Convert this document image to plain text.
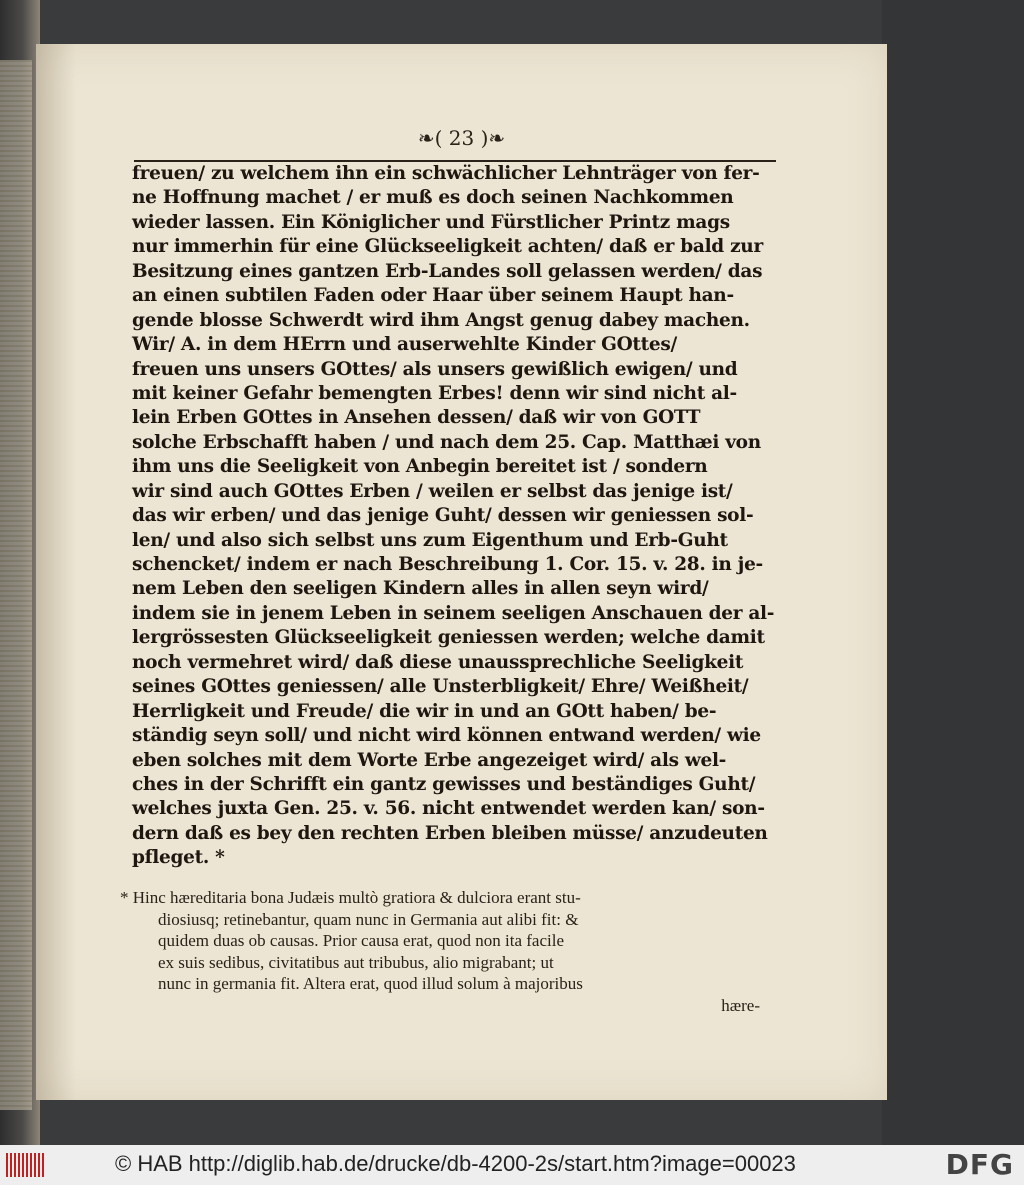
❧( 23 )❧
freuen/ zu welchem ihn ein schwächlicher Lehnträger von fer-
ne Hoffnung machet / er muß es doch seinen Nachkommen
wieder lassen. Ein Königlicher und Fürstlicher Printz mags
nur immerhin für eine Glückseeligkeit achten/ daß er bald zur
Besitzung eines gantzen Erb-Landes soll gelassen werden/ das
an einen subtilen Faden oder Haar über seinem Haupt han-
gende blosse Schwerdt wird ihm Angst genug dabey machen.
Wir/ A. in dem HErrn und auserwehlte Kinder GOttes/
freuen uns unsers GOttes/ als unsers gewißlich ewigen/ und
mit keiner Gefahr bemengten Erbes! denn wir sind nicht al-
lein Erben GOttes in Ansehen dessen/ daß wir von GOTT
solche Erbschafft haben / und nach dem 25. Cap. Matthæi von
ihm uns die Seeligkeit von Anbegin bereitet ist / sondern
wir sind auch GOttes Erben / weilen er selbst das jenige ist/
das wir erben/ und das jenige Guht/ dessen wir geniessen sol-
len/ und also sich selbst uns zum Eigenthum und Erb-Guht
schencket/ indem er nach Beschreibung 1. Cor. 15. v. 28. in je-
nem Leben den seeligen Kindern alles in allen seyn wird/
indem sie in jenem Leben in seinem seeligen Anschauen der al-
lergrössesten Glückseeligkeit geniessen werden; welche damit
noch vermehret wird/ daß diese unaussprechliche Seeligkeit
seines GOttes geniessen/ alle Unsterbligkeit/ Ehre/ Weißheit/
Herrligkeit und Freude/ die wir in und an GOtt haben/ be-
ständig seyn soll/ und nicht wird können entwand werden/ wie
eben solches mit dem Worte Erbe angezeiget wird/ als wel-
ches in der Schrifft ein gantz gewisses und beständiges Guht/
welches juxta Gen. 25. v. 56. nicht entwendet werden kan/ son-
dern daß es bey den rechten Erben bleiben müsse/ anzudeuten
pfleget. *
* Hinc hæreditaria bona Judæis multò gratiora & dulciora erant stu-
diosiusq; retinebantur, quam nunc in Germania aut alibi fit: &
quidem duas ob causas. Prior causa erat, quod non ita facile
ex suis sedibus, civitatibus aut tribubus, alio migrabant; ut
nunc in germania fit. Altera erat, quod illud solum à majoribus
hære-
© HAB http://diglib.hab.de/drucke/db-4200-2s/start.htm?image=00023	DFG
